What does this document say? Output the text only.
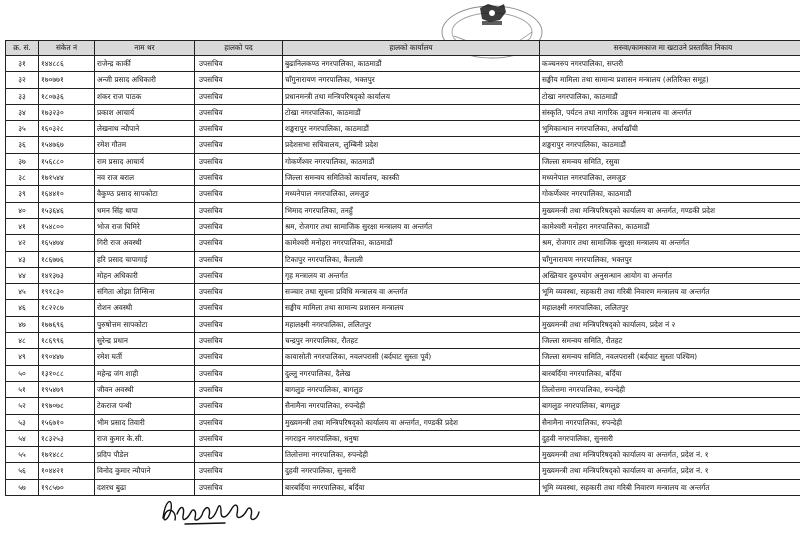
क्र. सं.	संकेत नं	नाम थर	हालको पद	हालको कार्यालय	सरुवा/कामकाज मा खटाउने प्रस्तावित निकाय
३१	१४४८८६	राजेन्द्र कार्की	उपसचिव	बुढानिलकण्ठ नगरपालिका, काठमाडौं	कञ्चनरुप नगरपालिका, सप्तरी
३२	१७०७७१	अन्जी प्रसाद अधिकारी	उपसचिव	चाँगुनारायण नगरपालिका, भक्तपुर	सङ्घीय मामिला तथा सामान्य प्रशासन मन्त्रालय (अतिरिक्त समूह)
३३	१८०७३६	शंकर राज पाठक	उपसचिव	प्रधानमन्त्री तथा मन्त्रिपरिषद्को कार्यालय	टोखा नगरपालिका, काठमाडौं
३४	१७३२३०	प्रकाश आचार्य	उपसचिव	टोखा नगरपालिका, काठमाडौं	संस्कृति, पर्यटन तथा नागरिक उड्डयन मन्त्रालय वा अन्तर्गत
३५	१६०३२८	लेखनाथ न्यौपाने	उपसचिव	शङ्खरापुर नगरपालिका, काठमाडौं	भूमिकान्धान नगरपालिका, अर्घाखाँची
३६	१५४७६७	रमेश गौतम	उपसचिव	प्रदेशसभा सचिवालय, लुम्बिनी प्रदेश	शङ्खरापुर नगरपालिका, काठमाडौं
३७	१५६८८०	राम प्रसाद आचार्य	उपसचिव	गोकर्णेश्वर नगरपालिका, काठमाडौं	जिल्ला समन्वय समिति, रसुवा
३८	१७१५४४	नव राज बराल	उपसचिव	जिल्ला समन्वय समितिको कार्यालय, कास्की	मध्यनेपाल नगरपालिका, लमजुङ
३९	१६४४१०	वैकुण्ठ प्रसाद सापकोटा	उपसचिव	मध्यनेपाल नगरपालिका, लमजुङ	गोकर्णेश्वर नगरपालिका, काठमाडौं
४०	१५३६४६	धमन सिंह थापा	उपसचिव	भिमाद नगरपालिका, तनहुँ	मुख्यमन्त्री तथा मन्त्रिपरिषद्को कार्यालय वा अन्तर्गत, गण्डकी प्रदेश
४१	१५४८००	भोज राज घिमिरे	उपसचिव	श्रम, रोजगार तथा सामाजिक सुरक्षा मन्त्रालय वा अन्तर्गत	कामेश्वरी मनोहरा नगरपालिका, काठमाडौं
४२	१६५४७४	गिरी राज अवस्थी	उपसचिव	कामेश्वरी मनोहरा नगरपालिका, काठमाडौं	श्रम, रोजगार तथा सामाजिक सुरक्षा मन्त्रालय वा अन्तर्गत
४३	१८६७७६	हरि प्रसाद चापागाई	उपसचिव	टिकापुर नगरपालिका, कैलाली	चाँगुनारायण नगरपालिका, भक्तपुर
४४	१४१३७३	मोहन अधिकारी	उपसचिव	गृह मन्त्रालय वा अन्तर्गत	अख्तियार दुरुपयोग अनुसन्धान आयोग वा अन्तर्गत
४५	१९१८३०	संगिता ओझा तिम्सिना	उपसचिव	सञ्चार तथा सूचना प्रविधि मन्त्रालय वा अन्तर्गत	भूमि व्यवस्था, सहकारी तथा गरिबी निवारण मन्त्रालय वा अन्तर्गत
४६	१८२२८७	रोशन अवस्थी	उपसचिव	सङ्घीय मामिला तथा सामान्य प्रशासन मन्त्रालय	महालक्ष्मी नगरपालिका, ललितपुर
४७	१७७६९६	पुरुषोत्तम सापकोटा	उपसचिव	महालक्ष्मी नगरपालिका, ललितपुर	मुख्यमन्त्री तथा मन्त्रिपरिषद्को कार्यालय, प्रदेश नं २
४८	१८६९९६	सुरेन्द्र प्रधान	उपसचिव	चन्द्रपुर नगरपालिका, रौतहट	जिल्ला समन्वय समिति, रौतहट
४९	१९०४४७	रमेश घर्ती	उपसचिव	कावासोती नगरपालिका, नवलपरासी (बर्दघाट सुस्ता पूर्व)	जिल्ला समन्वय समिति, नवलपरासी (बर्दघाट सुस्ता पश्चिम)
५०	१३१०८८	महेन्द्र जंग शाही	उपसचिव	दुल्लु नगरपालिका, दैलेख	बारबर्दिया नगरपालिका, बर्दिया
५१	१९५४७९	जीवन अवस्थी	उपसचिव	बागलुङ नगरपालिका, बागलुङ	तिलोत्तमा नगरपालिका, रुपन्देही
५२	१९७०७८	टेकराज पन्थी	उपसचिव	सैनामैना नगरपालिका, रुपन्देही	बागलुङ नगरपालिका, बागलुङ
५३	१५६७१०	भीम प्रसाद तिवारी	उपसचिव	मुख्यमन्त्री तथा मन्त्रिपरिषद्को कार्यालय वा अन्तर्गत, गण्डकी प्रदेश	सैनामैना नगरपालिका, रुपन्देही
५४	१८३२५३	राज कुमार के.सी.	उपसचिव	नगराइन नगरपालिका, धनुषा	दुहवी नगरपालिका, सुनसरी
५५	१७१४८८	प्रदिप पौडेल	उपसचिव	तिलोत्तमा नगरपालिका, रुपन्देही	मुख्यमन्त्री तथा मन्त्रिपरिषद्को कार्यालय वा अन्तर्गत, प्रदेश नं. १
५६	१०४४२१	विनोद कुमार न्यौपाने	उपसचिव	दुहवी नगरपालिका, सुनसरी	मुख्यमन्त्री तथा मन्त्रिपरिषद्को कार्यालय वा अन्तर्गत, प्रदेश नं. १
५७	१९८५७०	दशरथ बुढा	उपसचिव	बारबर्दिया नगरपालिका, बर्दिया	भूमि व्यवस्था, सहकारी तथा गरिबी निवारण मन्त्रालय वा अन्तर्गत
